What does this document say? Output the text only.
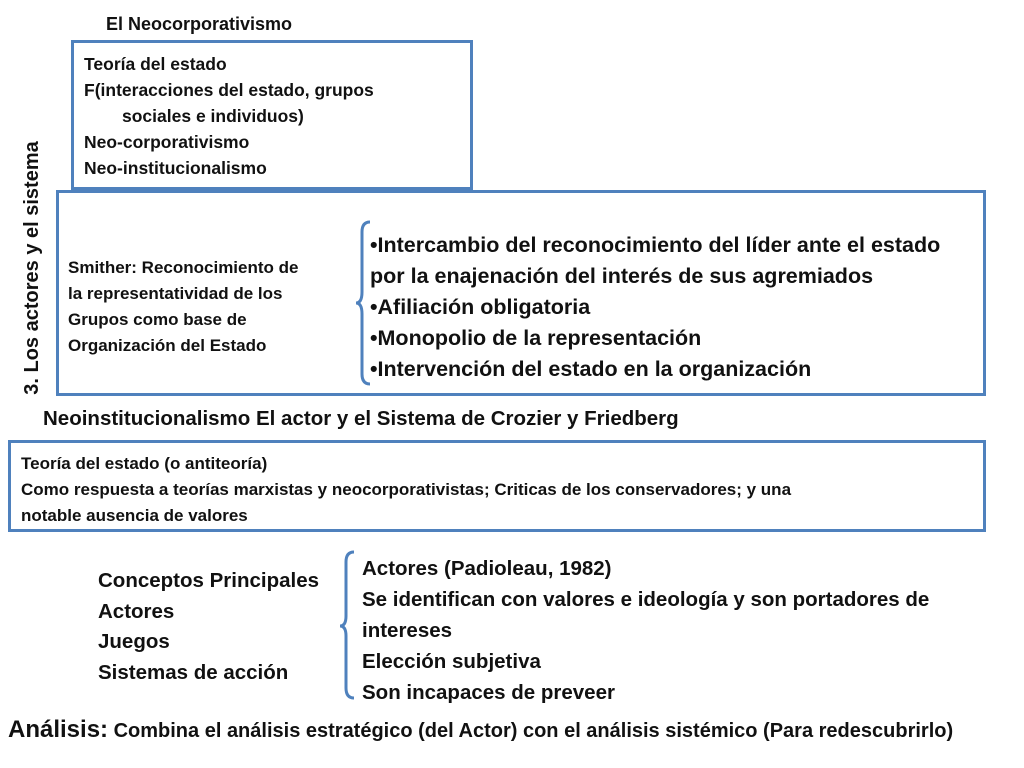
El Neocorporativismo
Teoría del estado
F(interacciones del estado, grupos
sociales e individuos)
Neo-corporativismo
Neo-institucionalismo
3. Los actores y el sistema	Smither: Reconocimiento de
la representatividad de los
Grupos como base de
Organización del Estado
•Intercambio del reconocimiento del líder ante el estado por la enajenación del interés de sus agremiados
•Afiliación obligatoria
•Monopolio de la representación
•Intervención del estado en la organización
Neoinstitucionalismo El actor y el Sistema de Crozier y Friedberg
Teoría del estado (o antiteoría)
Como respuesta a teorías marxistas y neocorporativistas; Criticas de los conservadores; y una
notable ausencia de valores
Conceptos Principales
Actores
Juegos
Sistemas de acción
Actores (Padioleau, 1982)
Se identifican con valores e ideología y son portadores de intereses
Elección subjetiva
Son incapaces de preveer
Análisis: Combina el análisis estratégico (del Actor) con el análisis sistémico (Para redescubrirlo)
